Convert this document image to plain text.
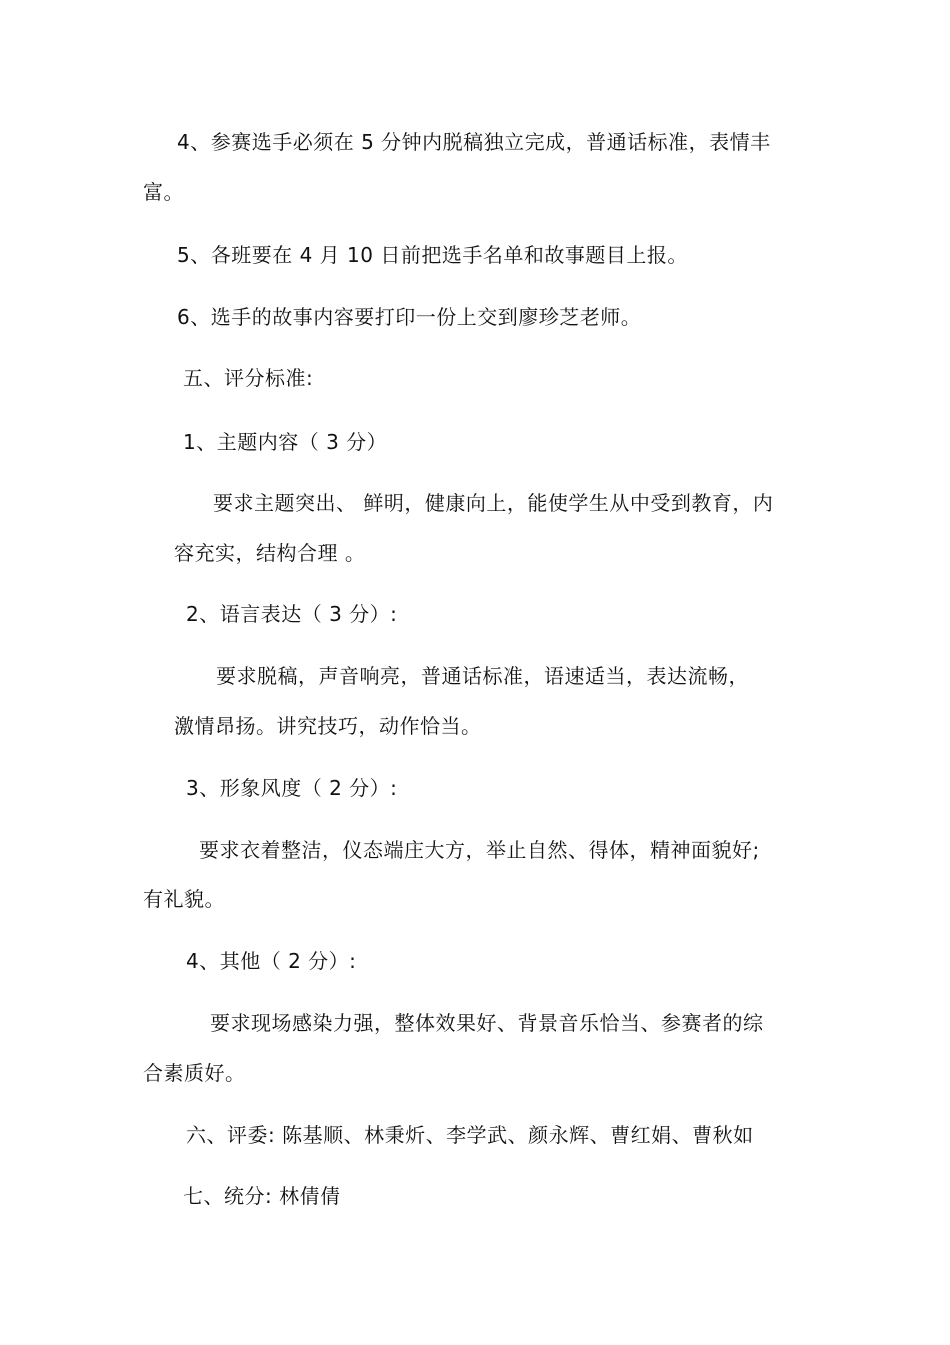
4、参赛选手必须在 5 分钟内脱稿独立完成，普通话标准，表情丰
富。
5、各班要在 4 月 10 日前把选手名单和故事题目上报。
6、选手的故事内容要打印一份上交到廖珍芝老师。
五、评分标准:
1、主题内容（ 3 分）
要求主题突出、 鲜明，健康向上，能使学生从中受到教育，内
容充实，结构合理 。
2、语言表达（ 3 分）:
要求脱稿，声音响亮，普通话标准，语速适当，表达流畅，
激情昂扬。讲究技巧，动作恰当。
3、形象风度（ 2 分）:
要求衣着整洁，仪态端庄大方，举止自然、得体，精神面貌好;
有礼貌。
4、其他（ 2 分）:
要求现场感染力强，整体效果好、背景音乐恰当、参赛者的综
合素质好。
六、评委: 陈基顺、林秉炘、李学武、颜永辉、曹红娟、曹秋如
七、统分: 林倩倩
